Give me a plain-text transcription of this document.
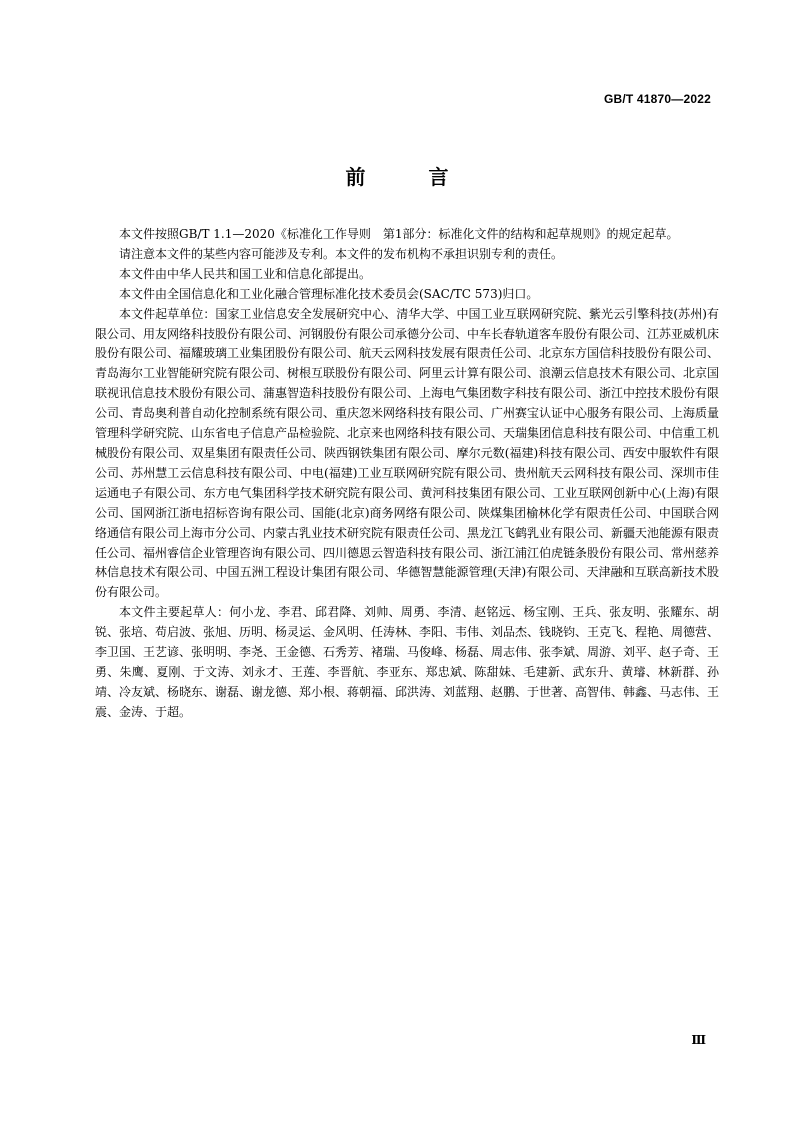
GB/T 41870—2022
前 言

本文件按照GB/T 1.1—2020《标准化工作导则　第1部分：标准化文件的结构和起草规则》的规定起草。

请注意本文件的某些内容可能涉及专利。本文件的发布机构不承担识别专利的责任。

本文件由中华人民共和国工业和信息化部提出。

本文件由全国信息化和工业化融合管理标准化技术委员会(SAC/TC 573)归口。

本文件起草单位：国家工业信息安全发展研究中心、清华大学、中国工业互联网研究院、紫光云引擎科技(苏州)有限公司、用友网络科技股份有限公司、河钢股份有限公司承德分公司、中车长春轨道客车股份有限公司、江苏亚威机床股份有限公司、福耀玻璃工业集团股份有限公司、航天云网科技发展有限责任公司、北京东方国信科技股份有限公司、青岛海尔工业智能研究院有限公司、树根互联股份有限公司、阿里云计算有限公司、浪潮云信息技术有限公司、北京国联视讯信息技术股份有限公司、蒲惠智造科技股份有限公司、上海电气集团数字科技有限公司、浙江中控技术股份有限公司、青岛奥利普自动化控制系统有限公司、重庆忽米网络科技有限公司、广州赛宝认证中心服务有限公司、上海质量管理科学研究院、山东省电子信息产品检验院、北京来也网络科技有限公司、天瑞集团信息科技有限公司、中信重工机械股份有限公司、双星集团有限责任公司、陕西钢铁集团有限公司、摩尔元数(福建)科技有限公司、西安中服软件有限公司、苏州慧工云信息科技有限公司、中电(福建)工业互联网研究院有限公司、贵州航天云网科技有限公司、深圳市佳运通电子有限公司、东方电气集团科学技术研究院有限公司、黄河科技集团有限公司、工业互联网创新中心(上海)有限公司、国网浙江浙电招标咨询有限公司、国能(北京)商务网络有限公司、陕煤集团榆林化学有限责任公司、中国联合网络通信有限公司上海市分公司、内蒙古乳业技术研究院有限责任公司、黑龙江飞鹤乳业有限公司、新疆天池能源有限责任公司、福州睿信企业管理咨询有限公司、四川德恩云智造科技有限公司、浙江浦江伯虎链条股份有限公司、常州慈养林信息技术有限公司、中国五洲工程设计集团有限公司、华德智慧能源管理(天津)有限公司、天津融和互联高新技术股份有限公司。

本文件主要起草人：何小龙、李君、邱君降、刘帅、周勇、李清、赵铭远、杨宝刚、王兵、张友明、张耀东、胡锐、张培、苟启波、张旭、历明、杨灵运、金风明、任涛林、李阳、韦伟、刘品杰、钱晓钧、王克飞、程艳、周德营、李卫国、王艺谚、张明明、李尧、王金德、石秀芳、褚瑞、马俊峰、杨磊、周志伟、张李斌、周游、刘平、赵子奇、王勇、朱鹰、夏刚、于文涛、刘永才、王莲、李晋航、李亚东、郑忠斌、陈甜妹、毛建新、武东升、黄璿、林新群、孙靖、冷友斌、杨晓东、谢磊、谢龙德、郑小根、蒋朝福、邱洪涛、刘蓝翔、赵鹏、于世著、高智伟、韩鑫、马志伟、王震、金涛、于超。

Ⅲ
